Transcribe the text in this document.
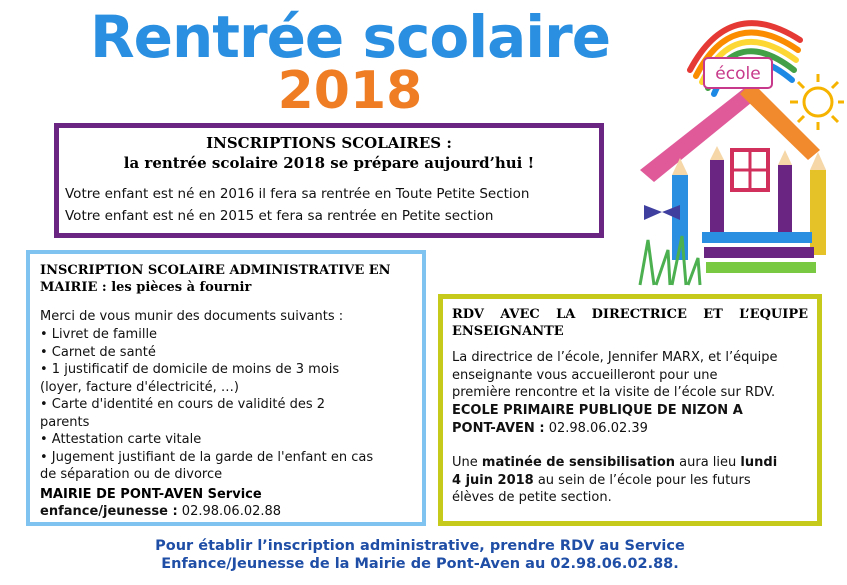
Rentrée scolaire
2018	école
INSCRIPTIONS SCOLAIRES :
la rentrée scolaire 2018 se prépare aujourd’hui !
Votre enfant est né en 2016 il fera sa rentrée en Toute Petite Section
Votre enfant est né en 2015 et fera sa rentrée en Petite section
INSCRIPTION SCOLAIRE ADMINISTRATIVE EN
MAIRIE : les pièces à fournir
Merci de vous munir des documents suivants :
• Livret de famille
• Carnet de santé
• 1 justificatif de domicile de moins de 3 mois
(loyer, facture d'électricité, …)
• Carte d'identité en cours de validité des 2
parents
• Attestation carte vitale
• Jugement justifiant de la garde de l'enfant en cas
de séparation ou de divorce
MAIRIE DE PONT-AVEN Service
enfance/jeunesse : 02.98.06.02.88
RDV AVEC LA DIRECTRICE ET L’EQUIPE
ENSEIGNANTE
La directrice de l’école, Jennifer MARX, et l’équipe
enseignante vous accueilleront pour une
première rencontre et la visite de l’école sur RDV.
ECOLE PRIMAIRE PUBLIQUE DE NIZON A
PONT-AVEN : 02.98.06.02.39
Une matinée de sensibilisation aura lieu lundi
4 juin 2018 au sein de l’école pour les futurs
élèves de petite section.
Pour établir l’inscription administrative, prendre RDV au Service
Enfance/Jeunesse de la Mairie de Pont-Aven au 02.98.06.02.88.
